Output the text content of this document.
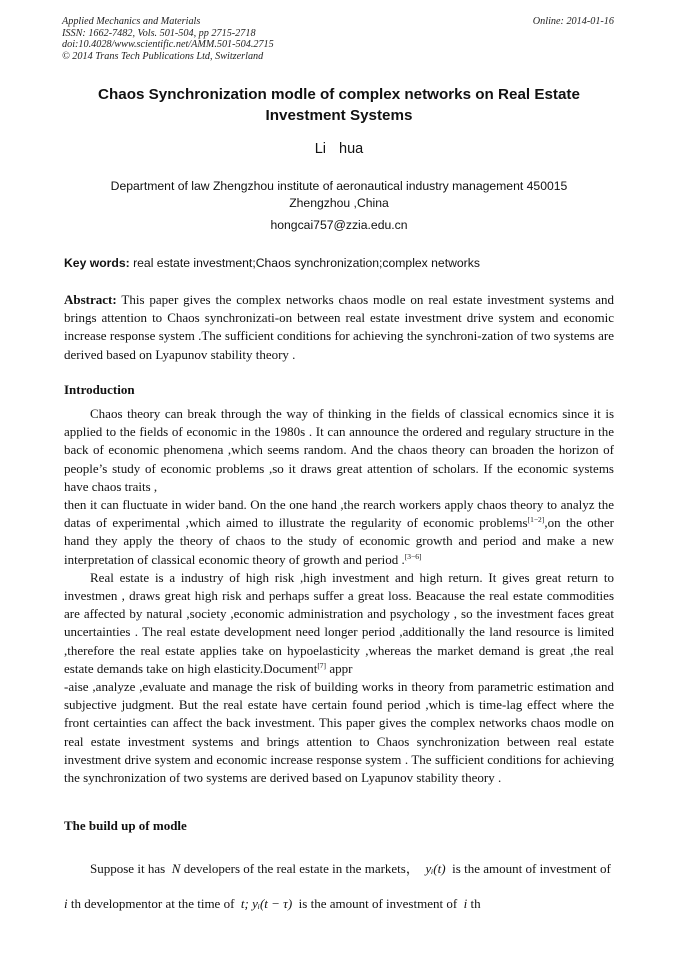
Applied Mechanics and Materials
ISSN: 1662-7482, Vols. 501-504, pp 2715-2718
doi:10.4028/www.scientific.net/AMM.501-504.2715
© 2014 Trans Tech Publications Ltd, Switzerland
Online: 2014-01-16
Chaos Synchronization modle of complex networks on Real Estate Investment Systems
Li hua
Department of law Zhengzhou institute of aeronautical industry management 450015
Zhengzhou ,China
hongcai757@zzia.edu.cn
Key words: real estate investment;Chaos synchronization;complex networks
Abstract: This paper gives the complex networks chaos modle on real estate investment systems and brings attention to Chaos synchronizati-on between real estate investment drive system and economic increase response system .The sufficient conditions for achieving the synchroni-zation of two systems are derived based on Lyapunov stability theory .
Introduction

Chaos theory can break through the way of thinking in the fields of classical ecnomics since it is applied to the fields of economic in the 1980s . It can announce the ordered and regulary structure in the back of economic phenomena ,which seems random. And the chaos theory can broaden the horizon of people’s study of economic problems ,so it draws great attention of scholars. If the economic systems have chaos traits ,

then it can fluctuate in wider band. On the one hand ,the rearch workers apply chaos theory to analyz the datas of experimental ,which aimed to illustrate the regularity of economic problems[1−2],on the other hand they apply the theory of chaos to the study of economic growth and period and make a new interpretation of classical economic theory of growth and period .[3−6]

Real estate is a industry of high risk ,high investment and high return. It gives great return to investmen , draws great high risk and perhaps suffer a great loss. Beacause the real estate commodities are affected by natural ,society ,economic administration and psychology , so the investment faces great uncertainties . The real estate development need longer period ,additionally the land resource is limited ,therefore the real estate applies take on hypoelasticity ,whereas the market demand is great ,the real estate demands take on high elasticity.Document[7] appr

-aise ,analyze ,evaluate and manage the risk of building works in theory from parametric estimation and subjective judgment. But the real estate have certain found period ,which is time-lag effect where the front certainties can affect the back investment. This paper gives the complex networks chaos modle on real estate investment systems and brings attention to Chaos synchronization between real estate investment drive system and economic increase response system . The sufficient conditions for achieving the synchronization of two systems are derived based on Lyapunov stability theory .

The build up of modle

Suppose it has N developers of the real estate in the markets， yᵢ(t) is the amount of investment of  i th developmentor at the time of t; yᵢ(t − τ) is the amount of investment of i th
